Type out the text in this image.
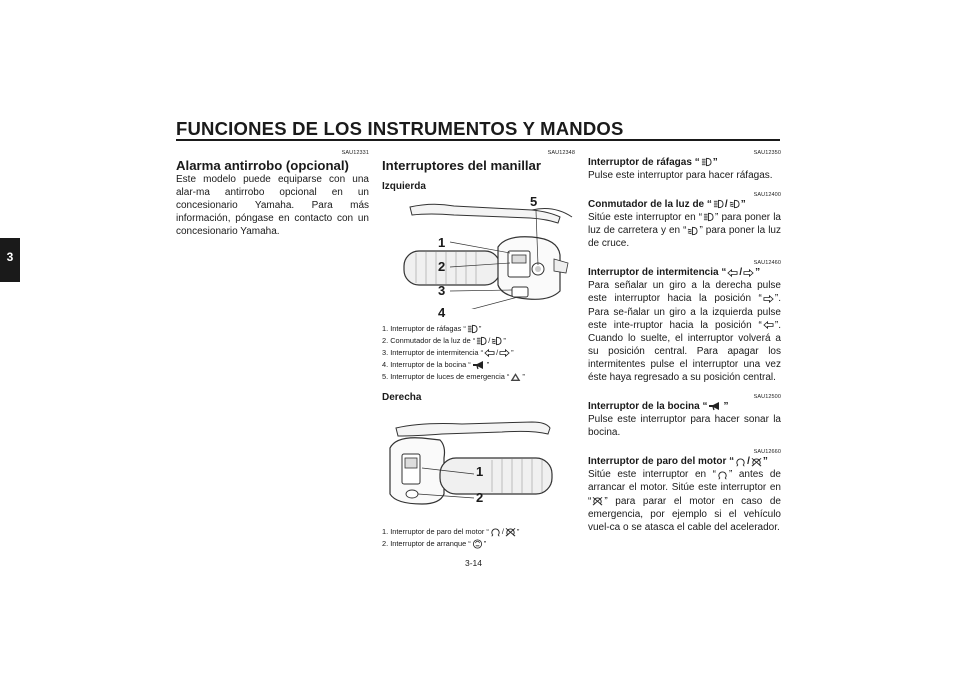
FUNCIONES DE LOS INSTRUMENTOS Y MANDOS
3
SAU12331
Alarma antirrobo (opcional)
Este modelo puede equiparse con una alar-ma antirrobo opcional en un concesionario Yamaha. Para más información, póngase en contacto con un concesionario Yamaha.
SAU12348
Interruptores del manillar
Izquierda
1
2
3
4
5
1. Interruptor de ráfagas “ ”
2. Conmutador de la luz de “ / ”
3. Interruptor de intermitencia “ / ”
4. Interruptor de la bocina “ ”
5. Interruptor de luces de emergencia “ ”
Derecha
1
2
1. Interruptor de paro del motor “ / ”
2. Interruptor de arranque “ ”
SAU12350
Interruptor de ráfagas “ ”
Pulse este interruptor para hacer ráfagas.
SAU12400
Conmutador de la luz de “ / ”
Sitúe este interruptor en “ ” para poner la luz de carretera y en “ ” para poner la luz de cruce.
SAU12460
Interruptor de intermitencia “ / ”
Para señalar un giro a la derecha pulse este interruptor hacia la posición “ ”. Para se-ñalar un giro a la izquierda pulse este inte-rruptor hacia la posición “ ”. Cuando lo suelte, el interruptor volverá a su posición central. Para apagar los intermitentes pulse el interruptor una vez éste haya regresado a su posición central.
SAU12500
Interruptor de la bocina “ ”
Pulse este interruptor para hacer sonar la bocina.
SAU12660
Interruptor de paro del motor “ / ”
Sitúe este interruptor en “ ” antes de arrancar el motor. Sitúe este interruptor en “ ” para parar el motor en caso de emergencia, por ejemplo si el vehículo vuel-ca o se atasca el cable del acelerador.
3-14
